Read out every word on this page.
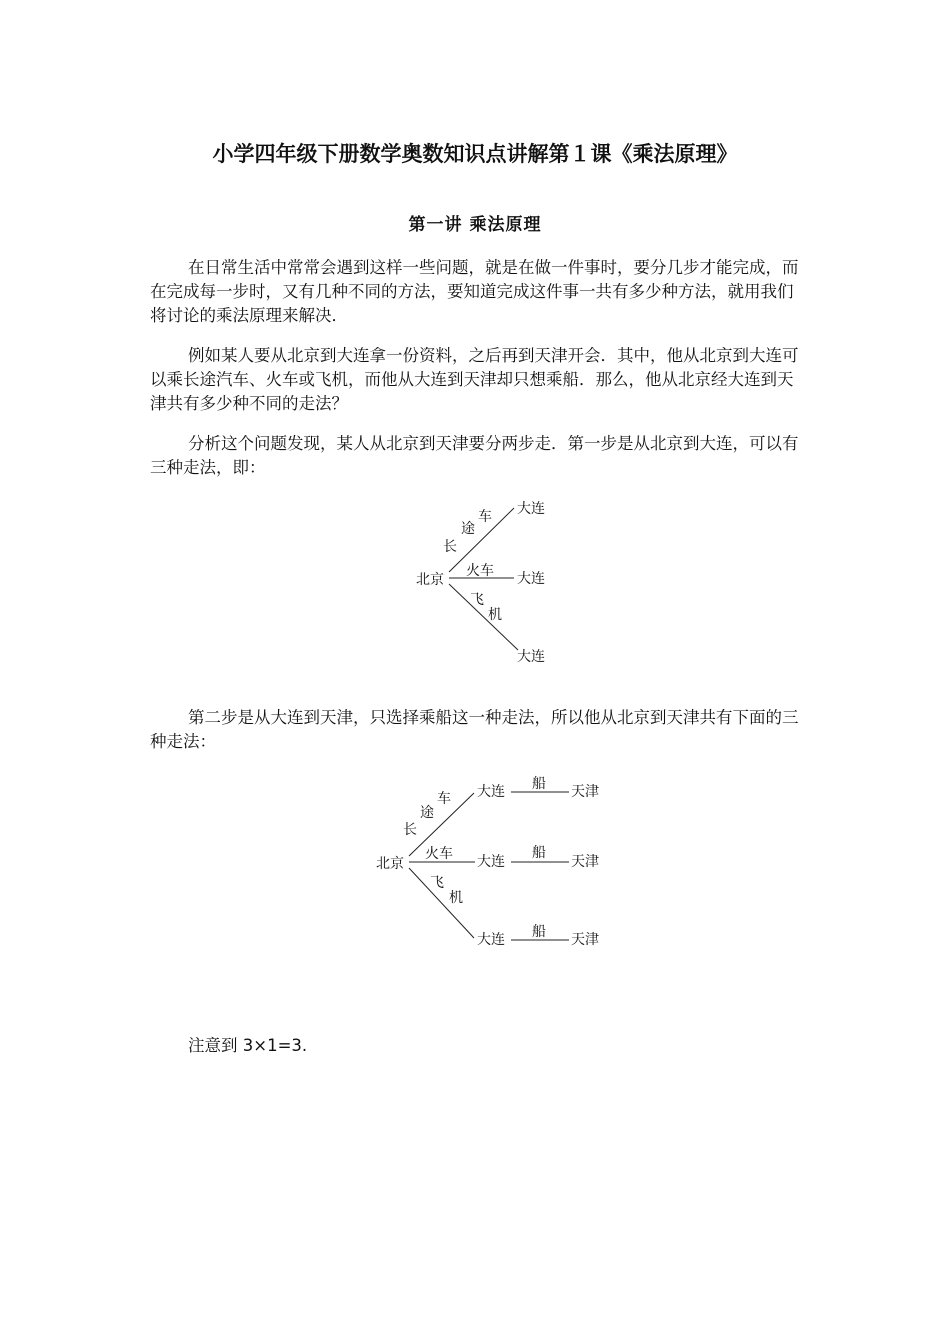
小学四年级下册数学奥数知识点讲解第１课《乘法原理》
第一讲 乘法原理

在日常生活中常常会遇到这样一些问题，就是在做一件事时，要分几步才能完成，而在完成每一步时，又有几种不同的方法，要知道完成这件事一共有多少种方法，就用我们将讨论的乘法原理来解决．

例如某人要从北京到大连拿一份资料，之后再到天津开会．其中，他从北京到大连可以乘长途汽车、火车或飞机，而他从大连到天津却只想乘船．那么，他从北京经大连到天津共有多少种不同的走法？

分析这个问题发现，某人从北京到天津要分两步走．第一步是从北京到大连，可以有三种走法，即：

第二步是从大连到天津，只选择乘船这一种走法，所以他从北京到天津共有下面的三种走法：

注意到 3×1=3.
北京
大连
大连
大连
长
途
车
火车
飞
机
北京
大连
大连
大连
船
船
船
天津
天津
天津
长
途
车
火车
飞
机
